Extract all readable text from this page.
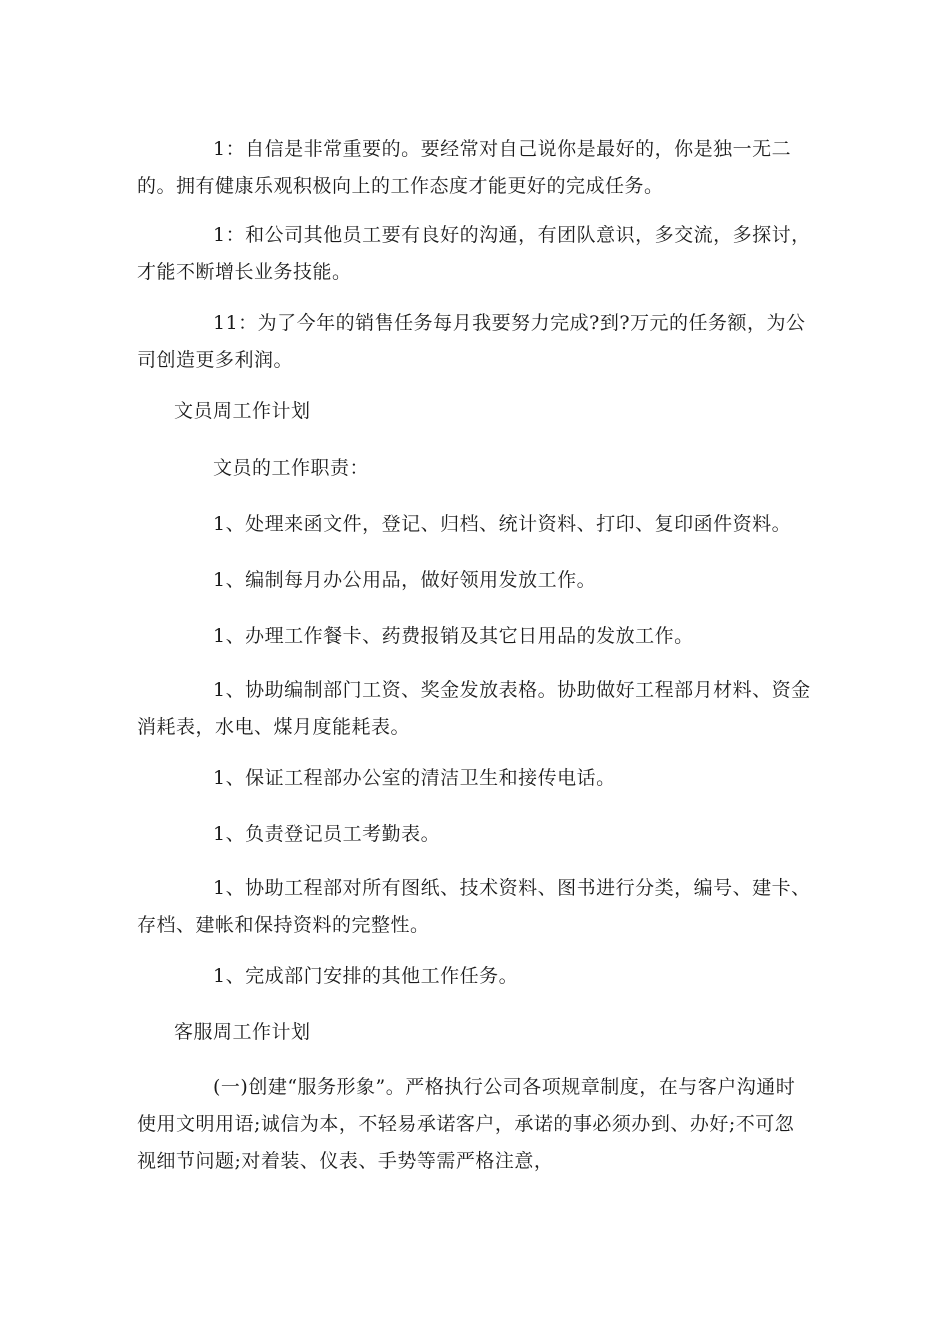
1：自信是非常重要的。要经常对自己说你是最好的，你是独一无二的。拥有健康乐观积极向上的工作态度才能更好的完成任务。

1：和公司其他员工要有良好的沟通，有团队意识，多交流，多探讨，才能不断增长业务技能。

11：为了今年的销售任务每月我要努力完成?到?万元的任务额，为公司创造更多利润。

文员周工作计划

文员的工作职责：

1、处理来函文件，登记、归档、统计资料、打印、复印函件资料。

1、编制每月办公用品，做好领用发放工作。

1、办理工作餐卡、药费报销及其它日用品的发放工作。

1、协助编制部门工资、奖金发放表格。协助做好工程部月材料、资金消耗表，水电、煤月度能耗表。

1、保证工程部办公室的清洁卫生和接传电话。

1、负责登记员工考勤表。

1、协助工程部对所有图纸、技术资料、图书进行分类，编号、建卡、存档、建帐和保持资料的完整性。

1、完成部门安排的其他工作任务。

客服周工作计划

(一)创建“服务形象”。严格执行公司各项规章制度，在与客户沟通时使用文明用语;诚信为本，不轻易承诺客户，承诺的事必须办到、办好;不可忽视细节问题;对着装、仪表、手势等需严格注意，
